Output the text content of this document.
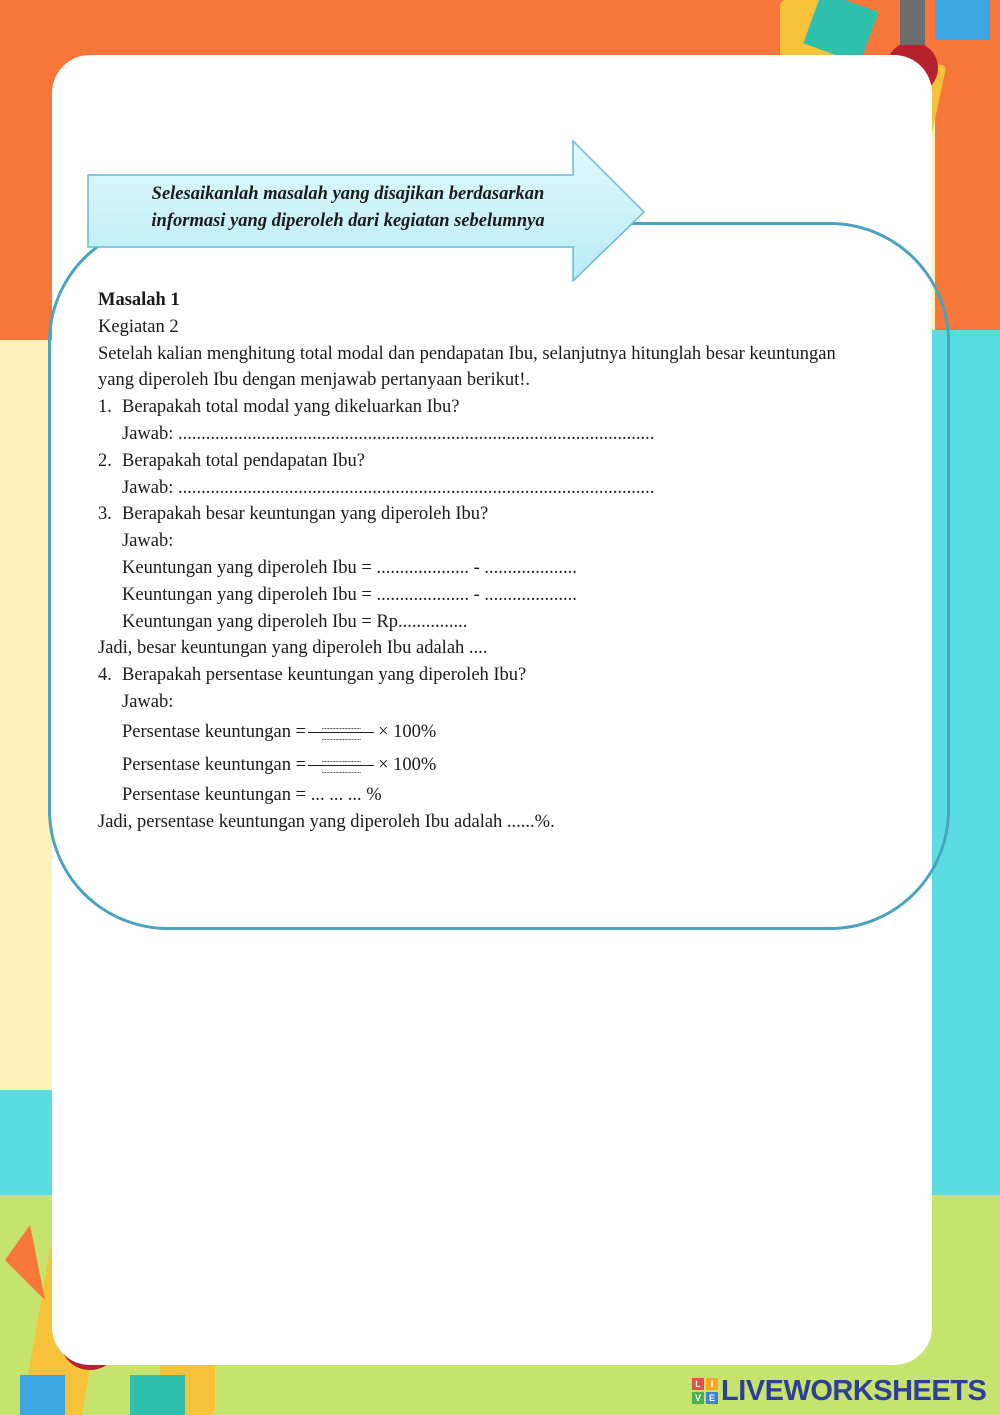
Selesaikanlah masalah yang disajikan berdasarkan
informasi yang diperoleh dari kegiatan sebelumnya
Masalah 1
Kegiatan 2
Setelah kalian menghitung total modal dan pendapatan Ibu, selanjutnya hitunglah besar keuntungan
yang diperoleh Ibu dengan menjawab pertanyaan berikut!.
1. Berapakah total modal yang dikeluarkan Ibu?
Jawab: .......................................................................................................
2. Berapakah total pendapatan Ibu?
Jawab: .......................................................................................................
3. Berapakah besar keuntungan yang diperoleh Ibu?
Jawab:
Keuntungan yang diperoleh Ibu = .................... - ....................
Keuntungan yang diperoleh Ibu = .................... - ....................
Keuntungan yang diperoleh Ibu = Rp...............
Jadi, besar keuntungan yang diperoleh Ibu adalah ....
4. Berapakah persentase keuntungan yang diperoleh Ibu?
Jawab:
Persentase keuntungan = $\frac{..........................}{..........................} \times 100\%$
Persentase keuntungan = $\frac{..........................}{..........................} \times 100\%$
Persentase keuntungan = ... ... ... %
Jadi, persentase keuntungan yang diperoleh Ibu adalah ......%.
L	I
V E LIVEWORKSHEETS
